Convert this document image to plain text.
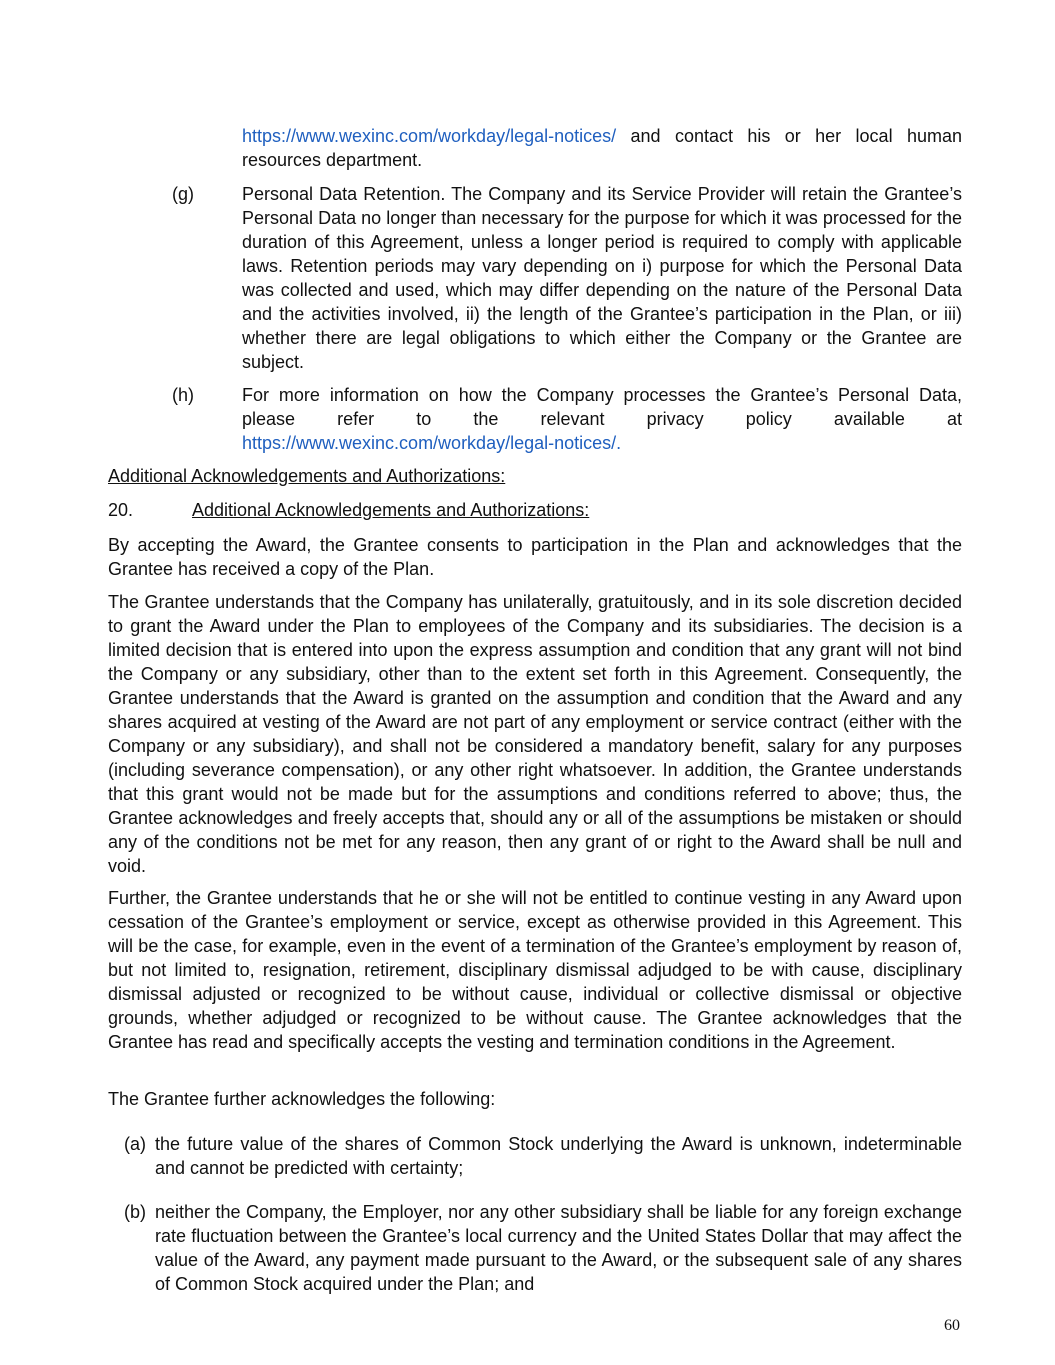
https://www.wexinc.com/workday/legal-notices/ and contact his or her local human resources department.

(g)	Personal Data Retention. The Company and its Service Provider will retain the Grantee’s Personal Data no longer than necessary for the purpose for which it was processed for the duration of this Agreement, unless a longer period is required to comply with applicable laws. Retention periods may vary depending on i) purpose for which the Personal Data was collected and used, which may differ depending on the nature of the Personal Data and the activities involved, ii) the length of the Grantee’s participation in the Plan, or iii) whether there are legal obligations to which either the Company or the Grantee are subject.

(h)	For more information on how the Company processes the Grantee’s Personal Data, please refer to the relevant privacy policy available at https://www.wexinc.com/workday/legal-notices/.

Additional Acknowledgements and Authorizations:
20.	Additional Acknowledgements and Authorizations:

By accepting the Award, the Grantee consents to participation in the Plan and acknowledges that the Grantee has received a copy of the Plan.

The Grantee understands that the Company has unilaterally, gratuitously, and in its sole discretion decided to grant the Award under the Plan to employees of the Company and its subsidiaries. The decision is a limited decision that is entered into upon the express assumption and condition that any grant will not bind the Company or any subsidiary, other than to the extent set forth in this Agreement. Consequently, the Grantee understands that the Award is granted on the assumption and condition that the Award and any shares acquired at vesting of the Award are not part of any employment or service contract (either with the Company or any subsidiary), and shall not be considered a mandatory benefit, salary for any purposes (including severance compensation), or any other right whatsoever. In addition, the Grantee understands that this grant would not be made but for the assumptions and conditions referred to above; thus, the Grantee acknowledges and freely accepts that, should any or all of the assumptions be mistaken or should any of the conditions not be met for any reason, then any grant of or right to the Award shall be null and void.

Further, the Grantee understands that he or she will not be entitled to continue vesting in any Award upon cessation of the Grantee’s employment or service, except as otherwise provided in this Agreement. This will be the case, for example, even in the event of a termination of the Grantee’s employment by reason of, but not limited to, resignation, retirement, disciplinary dismissal adjudged to be with cause, disciplinary dismissal adjusted or recognized to be without cause, individual or collective dismissal or objective grounds, whether adjudged or recognized to be without cause. The Grantee acknowledges that the Grantee has read and specifically accepts the vesting and termination conditions in the Agreement.

The Grantee further acknowledges the following:

(a) the future value of the shares of Common Stock underlying the Award is unknown, indeterminable and cannot be predicted with certainty;

(b) neither the Company, the Employer, nor any other subsidiary shall be liable for any foreign exchange rate fluctuation between the Grantee’s local currency and the United States Dollar that may affect the value of the Award, any payment made pursuant to the Award, or the subsequent sale of any shares of Common Stock acquired under the Plan; and

60
